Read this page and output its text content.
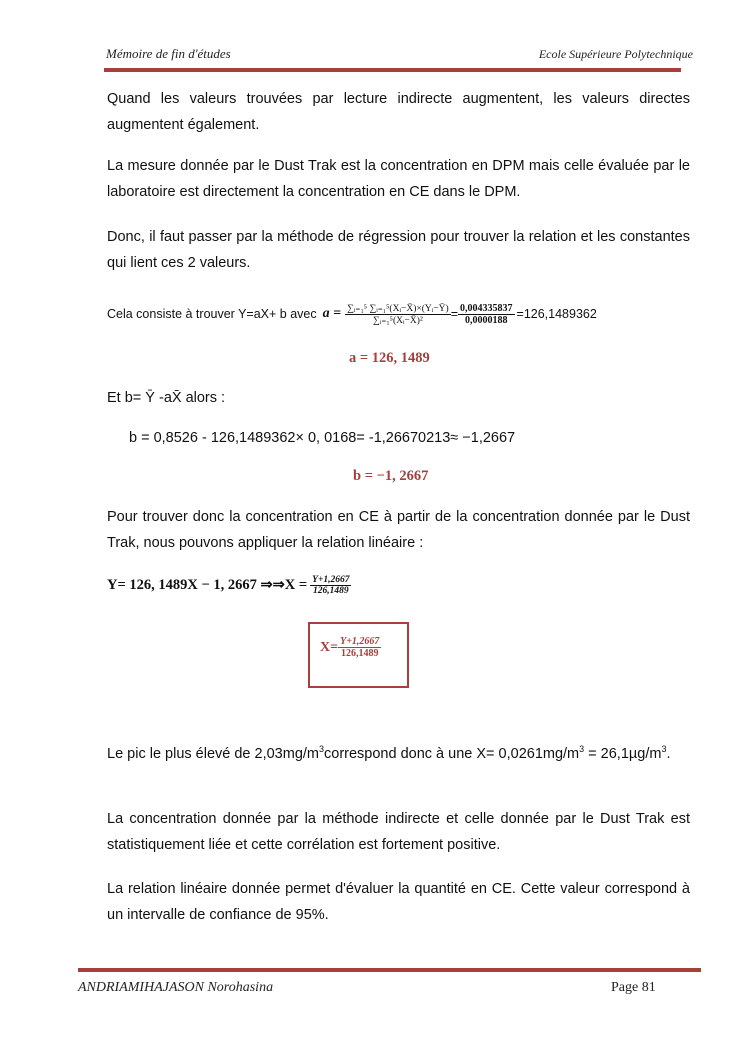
Mémoire de fin d'études	Ecole Supérieure Polytechnique
Quand les valeurs trouvées par lecture indirecte augmentent, les valeurs directes augmentent également.
La mesure donnée par le Dust Trak est la concentration en DPM mais celle évaluée par le laboratoire est directement la concentration en CE dans le DPM.
Donc, il faut passer par la méthode de régression pour trouver la relation et les constantes qui lient ces 2 valeurs.
Cela consiste à trouver Y=aX+ b avec $a = \frac{\text{∑ᵢ₌₁⁵ ∑ᵢ₌₁⁵(Xᵢ−X̄)×(Yᵢ−Ȳ)}}{\text{∑ᵢ₌₁⁵(Xᵢ−X̄)²}} = \frac{0,004335837}{0,0000188} =126,1489362$
a = 126, 1489
Et b= Ȳ -aX̄ alors :
b = 0,8526 - 126,1489362× 0, 0168= -1,26670213≈ −1,2667
b = −1, 2667
Pour trouver donc la concentration en CE à partir de la concentration donnée par le Dust Trak, nous pouvons appliquer la relation linéaire :
Y= 126, 1489X − 1, 2667 ⇒⇒X = $\frac{Y+1,2667}{126,1489}$
$X= \frac{Y+1,2667}{126,1489}$
Le pic le plus élevé de $2,03mg/m^3correspond$ donc à une $X= 0,0261mg/m^3 = 26,1\mu g/m^3$.
La concentration donnée par la méthode indirecte et celle donnée par le Dust Trak est statistiquement liée et cette corrélation est fortement positive.
La relation linéaire donnée permet d'évaluer la quantité en CE. Cette valeur correspond à un intervalle de confiance de 95%.
ANDRIAMIHAJASON Norohasina	Page 81
